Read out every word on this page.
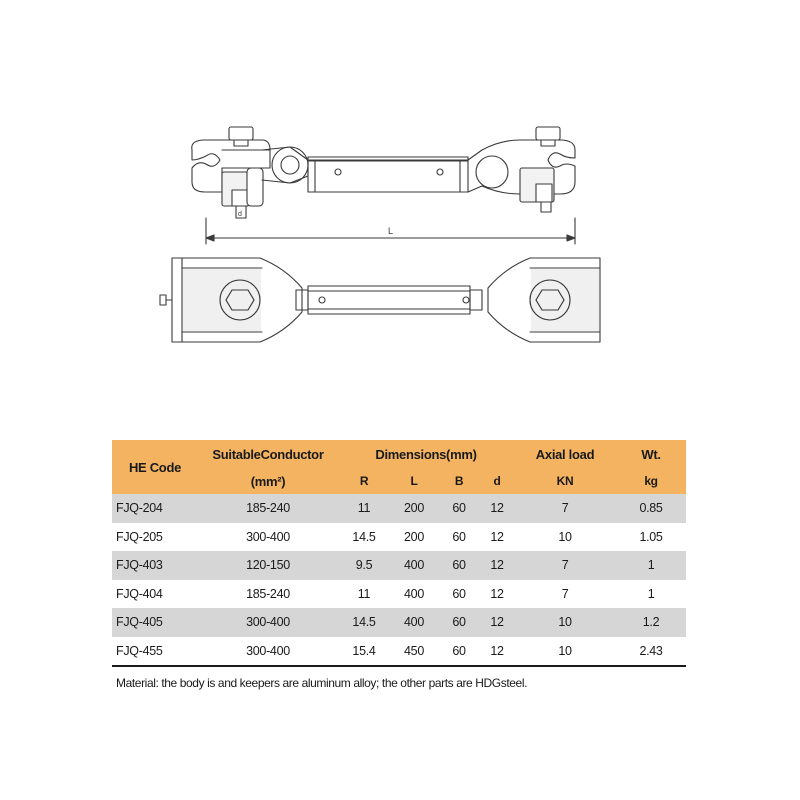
d
L
HE Code	SuitableConductor	Dimensions(mm)				Axial load	Wt.
	(mm²)	R	L	B	d	KN	kg
FJQ-204	185-240	11	200	60	12	7	0.85
FJQ-205	300-400	14.5	200	60	12	10	1.05
FJQ-403	120-150	9.5	400	60	12	7	1
FJQ-404	185-240	11	400	60	12	7	1
FJQ-405	300-400	14.5	400	60	12	10	1.2
FJQ-455	300-400	15.4	450	60	12	10	2.43
Material: the body is and keepers are aluminum alloy; the other parts are HDGsteel.
